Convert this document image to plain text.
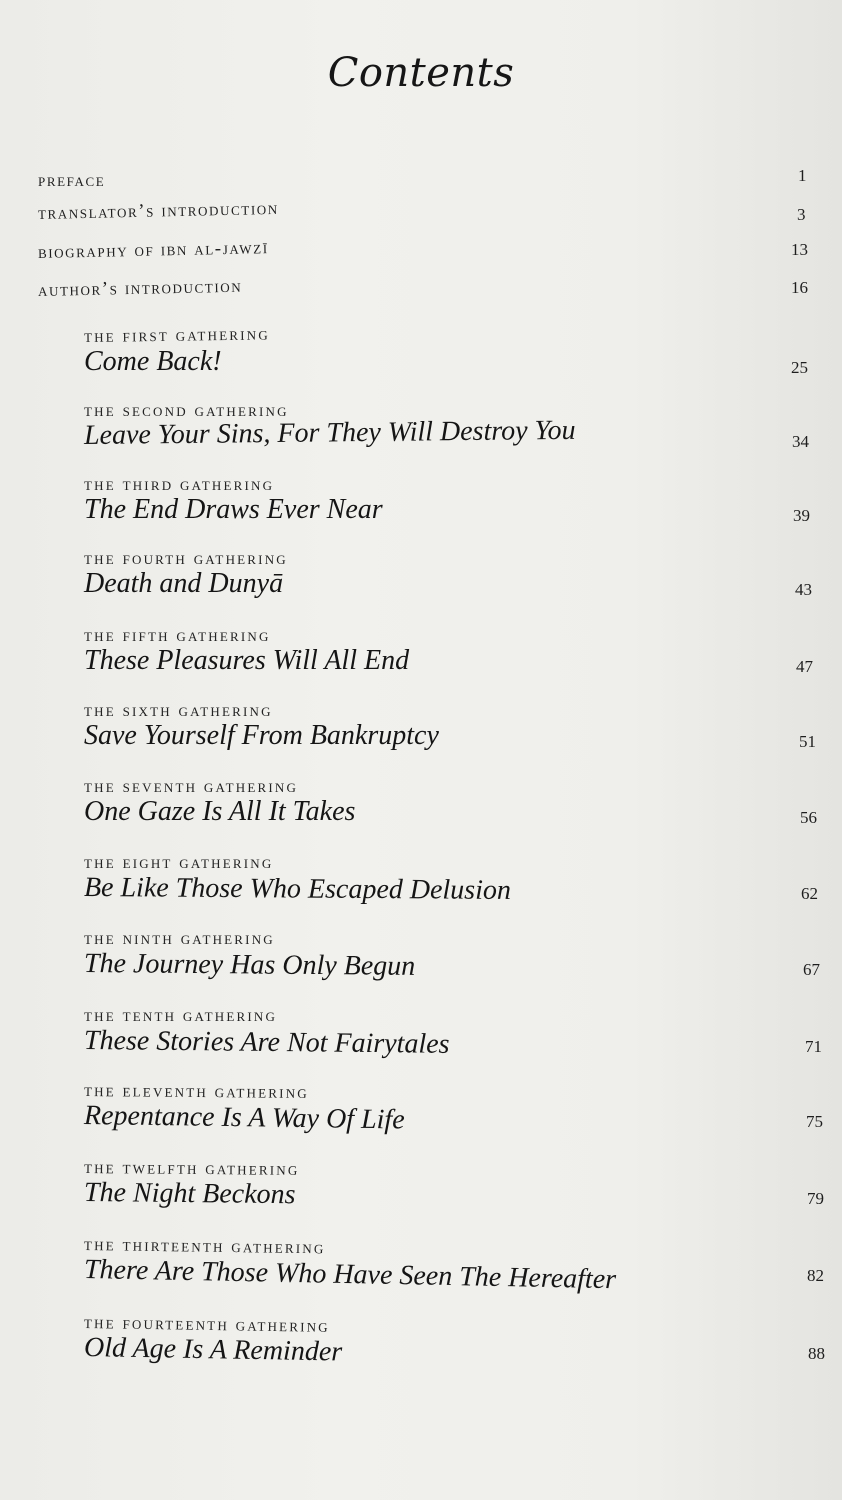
Contents
preface	1
translator’s introduction	3
biography of ibn al-jawzī	13
author’s introduction	16
the first gathering
Come Back!	25
the second gathering
Leave Your Sins, For They Will Destroy You	34
the third gathering
The End Draws Ever Near	39
the fourth gathering
Death and Dunyā	43
the fifth gathering
These Pleasures Will All End	47
the sixth gathering
Save Yourself From Bankruptcy	51
the seventh gathering
One Gaze Is All It Takes	56
the eight gathering
Be Like Those Who Escaped Delusion	62
the ninth gathering
The Journey Has Only Begun	67
the tenth gathering
These Stories Are Not Fairytales	71
the eleventh gathering
Repentance Is A Way Of Life	75
the twelfth gathering
The Night Beckons	79
the thirteenth gathering
There Are Those Who Have Seen The Hereafter	82
the fourteenth gathering
Old Age Is A Reminder	88
